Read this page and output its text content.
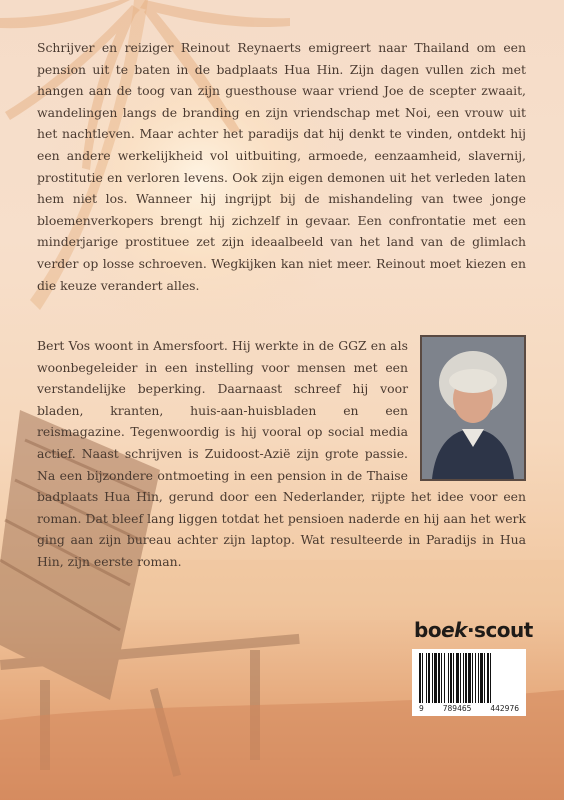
Schrijver en reiziger Reinout Reynaerts emigreert naar Thailand om een pension uit te baten in de badplaats Hua Hin. Zijn dagen vullen zich met hangen aan de toog van zijn guesthouse waar vriend Joe de scepter zwaait, wandelingen langs de branding en zijn vriendschap met Noi, een vrouw uit het nachtleven. Maar achter het paradijs dat hij denkt te vinden, ontdekt hij een andere werkelijkheid vol uitbuiting, armoede, eenzaamheid, slavernij, prostitutie en verloren levens. Ook zijn eigen demonen uit het verleden laten hem niet los. Wanneer hij ingrijpt bij de mishandeling van twee jonge bloemenverkopers brengt hij zichzelf in gevaar. Een confrontatie met een minderjarige prostituee zet zijn ideaalbeeld van het land van de glimlach verder op losse schroeven. Wegkijken kan niet meer. Reinout moet kiezen en die keuze verandert alles.

Bert Vos woont in Amersfoort. Hij werkte in de GGZ en als woonbegeleider in een instelling voor mensen met een verstandelijke beperking. Daarnaast schreef hij voor bladen, kranten, huis-aan-huisbladen en een reismagazine. Tegenwoordig is hij vooral op social media actief. Naast schrijven is Zuidoost-Azië zijn grote passie. Na een bijzondere ontmoeting in een pension in de Thaise badplaats Hua Hin, gerund door een Nederlander, rijpte het idee voor een roman. Dat bleef lang liggen totdat het pensioen naderde en hij aan het werk ging aan zijn bureau achter zijn laptop. Wat resulteerde in Paradijs in Hua Hin, zijn eerste roman.
boek·scout
9	789465	442976
